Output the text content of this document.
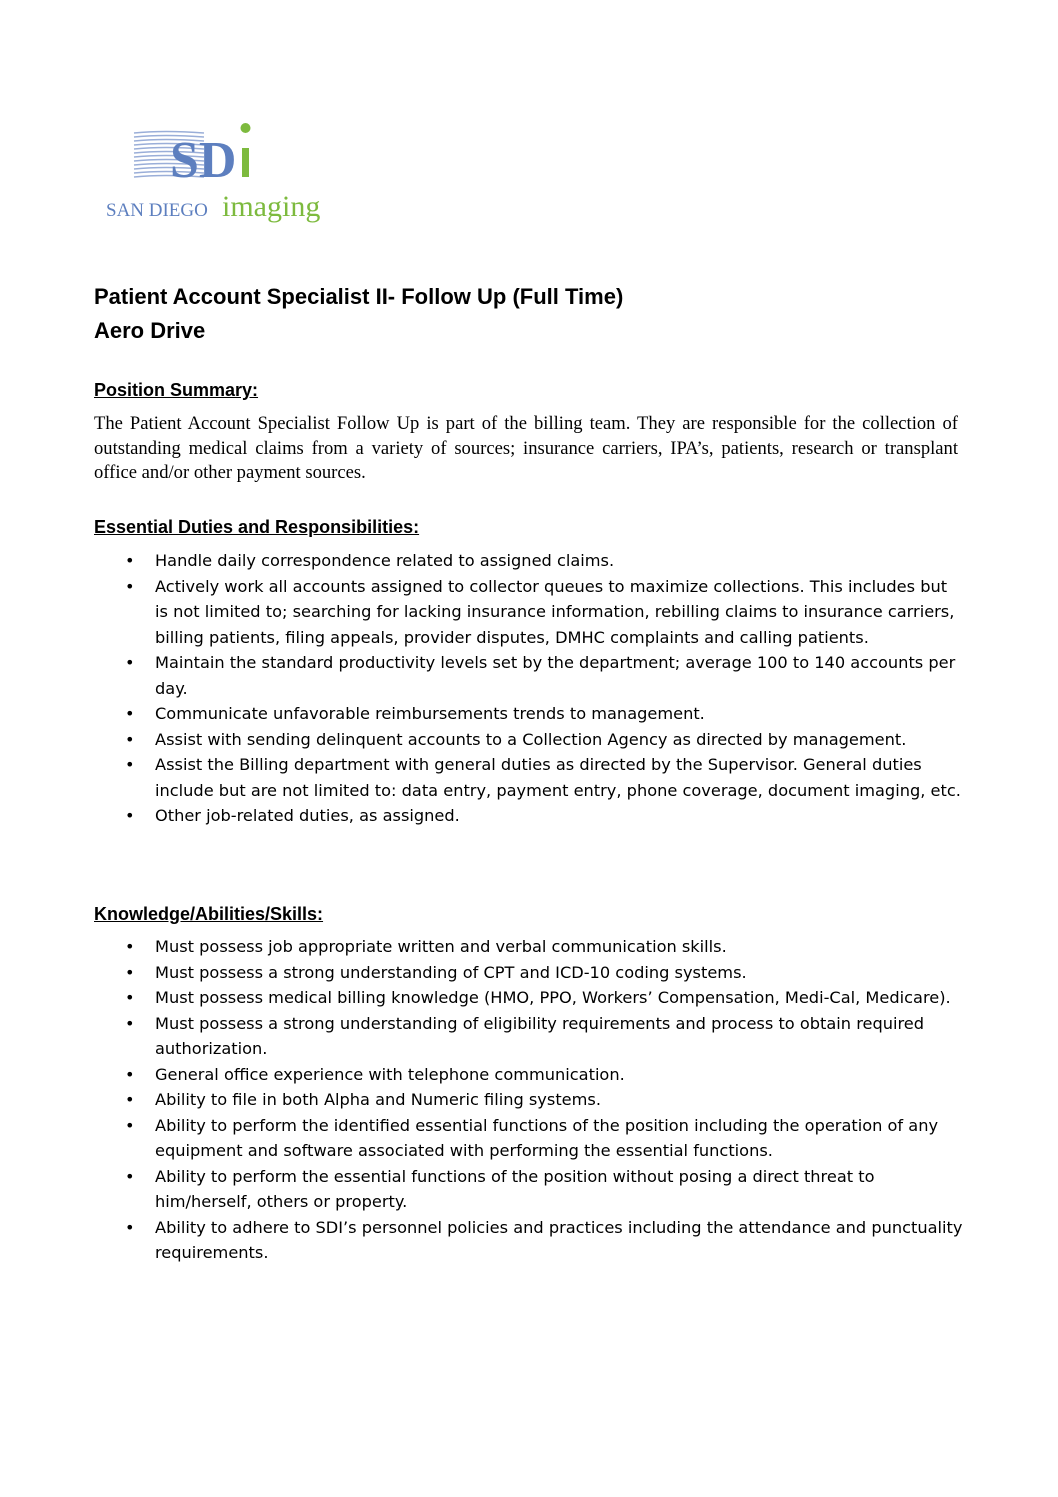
SD
SAN DIEGO imaging
Patient Account Specialist II- Follow Up (Full Time)
Aero Drive
Position Summary:

The Patient Account Specialist Follow Up is part of the billing team. They are responsible for the collection of outstanding medical claims from a variety of sources; insurance carriers, IPA’s, patients, research or transplant office and/or other payment sources.

Essential Duties and Responsibilities:
• Handle daily correspondence related to assigned claims.
• Actively work all accounts assigned to collector queues to maximize collections. This includes but is not limited to; searching for lacking insurance information, rebilling claims to insurance carriers, billing patients, filing appeals, provider disputes, DMHC complaints and calling patients.
• Maintain the standard productivity levels set by the department; average 100 to 140 accounts per day.
• Communicate unfavorable reimbursements trends to management.
• Assist with sending delinquent accounts to a Collection Agency as directed by management.
• Assist the Billing department with general duties as directed by the Supervisor. General duties include but are not limited to: data entry, payment entry, phone coverage, document imaging, etc.
• Other job-related duties, as assigned.
Knowledge/Abilities/Skills:
• Must possess job appropriate written and verbal communication skills.
• Must possess a strong understanding of CPT and ICD-10 coding systems.
• Must possess medical billing knowledge (HMO, PPO, Workers’ Compensation, Medi-Cal, Medicare).
• Must possess a strong understanding of eligibility requirements and process to obtain required authorization.
• General office experience with telephone communication.
• Ability to file in both Alpha and Numeric filing systems.
• Ability to perform the identified essential functions of the position including the operation of any equipment and software associated with performing the essential functions.
• Ability to perform the essential functions of the position without posing a direct threat to him/herself, others or property.
• Ability to adhere to SDI’s personnel policies and practices including the attendance and punctuality requirements.
